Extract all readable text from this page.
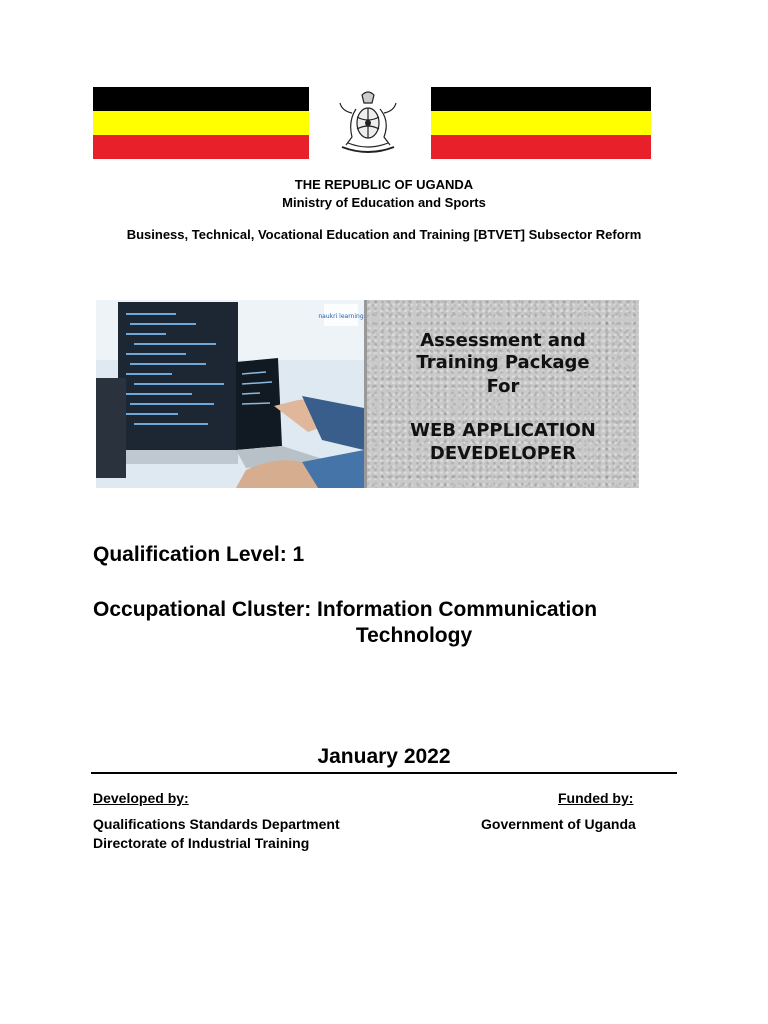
THE REPUBLIC OF UGANDA
Ministry of Education and Sports
Business, Technical, Vocational Education and Training [BTVET] Subsector Reform
naukri learning
Assessment and
Training Package
For
WEB APPLICATION
DEVEDELOPER
Qualification Level: 1
Occupational Cluster: Information Communication
Technology
January 2022
Developed by:	Funded by:
Qualifications Standards Department
Directorate of Industrial Training
Government of Uganda
